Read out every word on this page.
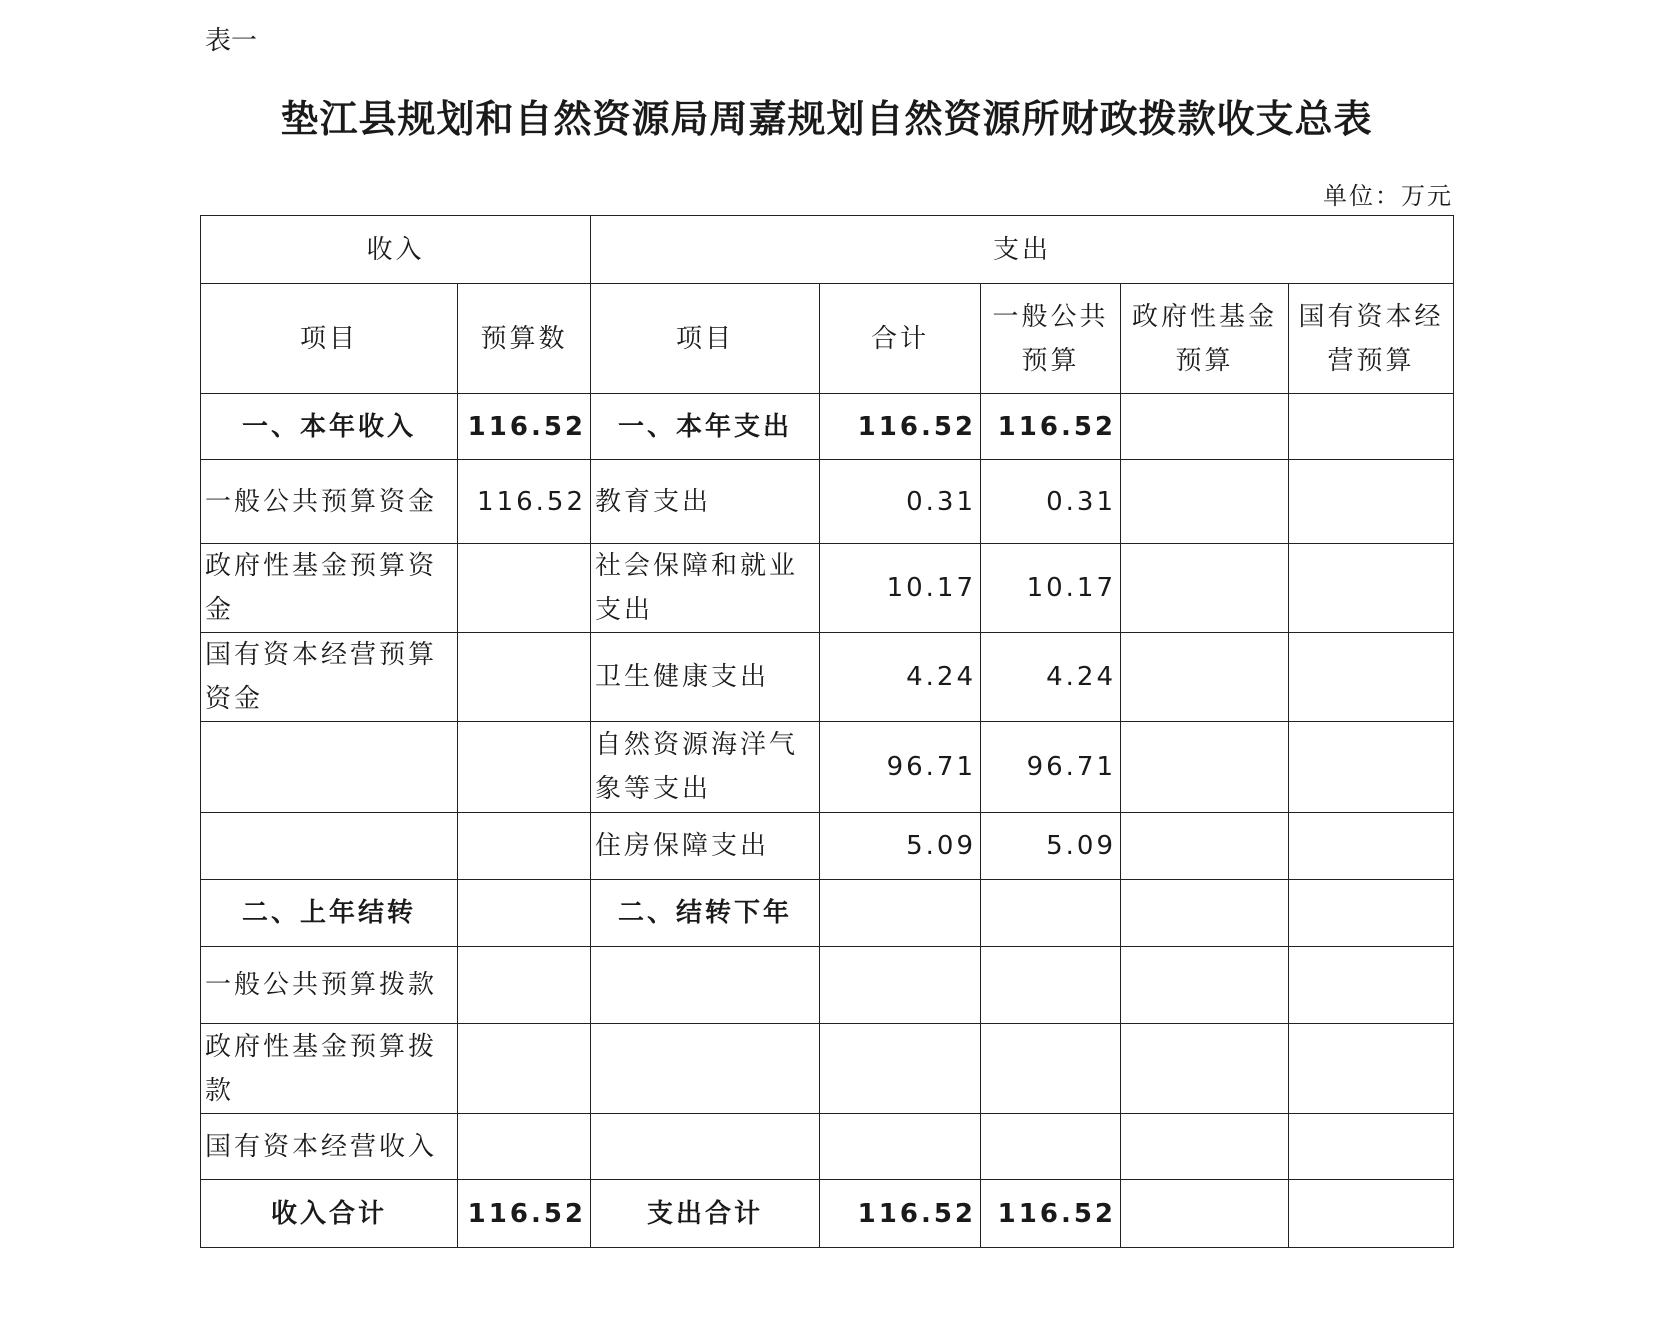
表一
垫江县规划和自然资源局周嘉规划自然资源所财政拨款收支总表
单位：万元
收入		支出				
项目	预算数	项目	合计	一般公共预算	政府性基金预算	国有资本经营预算
一、本年收入	116.52	一、本年支出	116.52	116.52		
一般公共预算资金	116.52	教育支出	0.31	0.31		
政府性基金预算资金		社会保障和就业支出	10.17	10.17		
国有资本经营预算资金		卫生健康支出	4.24	4.24		
		自然资源海洋气象等支出	96.71	96.71		
		住房保障支出	5.09	5.09		
二、上年结转		二、结转下年				
一般公共预算拨款						
政府性基金预算拨款						
国有资本经营收入						
收入合计	116.52	支出合计	116.52	116.52		
